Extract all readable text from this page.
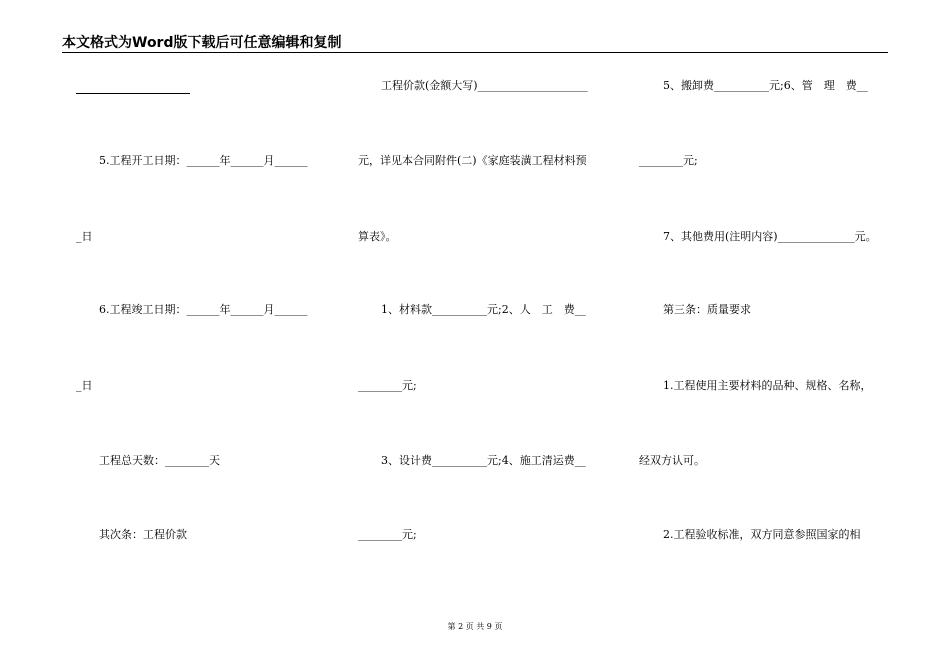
本文格式为Word版下载后可任意编辑和复制
5.工程开工日期：______年______月______
_日
6.工程竣工日期：______年______月______
_日
工程总天数：________天
其次条：工程价款
工程价款(金额大写)____________________
元，详见本合同附件(二)《家庭装潢工程材料预
算表》。
1、材料款__________元;2、人　工　费__
________元;
3、设计费__________元;4、施工清运费__
________元;
5、搬卸费__________元;6、管　理　费__
________元;
7、其他费用(注明内容)______________元。
第三条：质量要求
1.工程使用主要材料的品种、规格、名称，
经双方认可。
2.工程验收标准，双方同意参照国家的相
第 2 页 共 9 页
